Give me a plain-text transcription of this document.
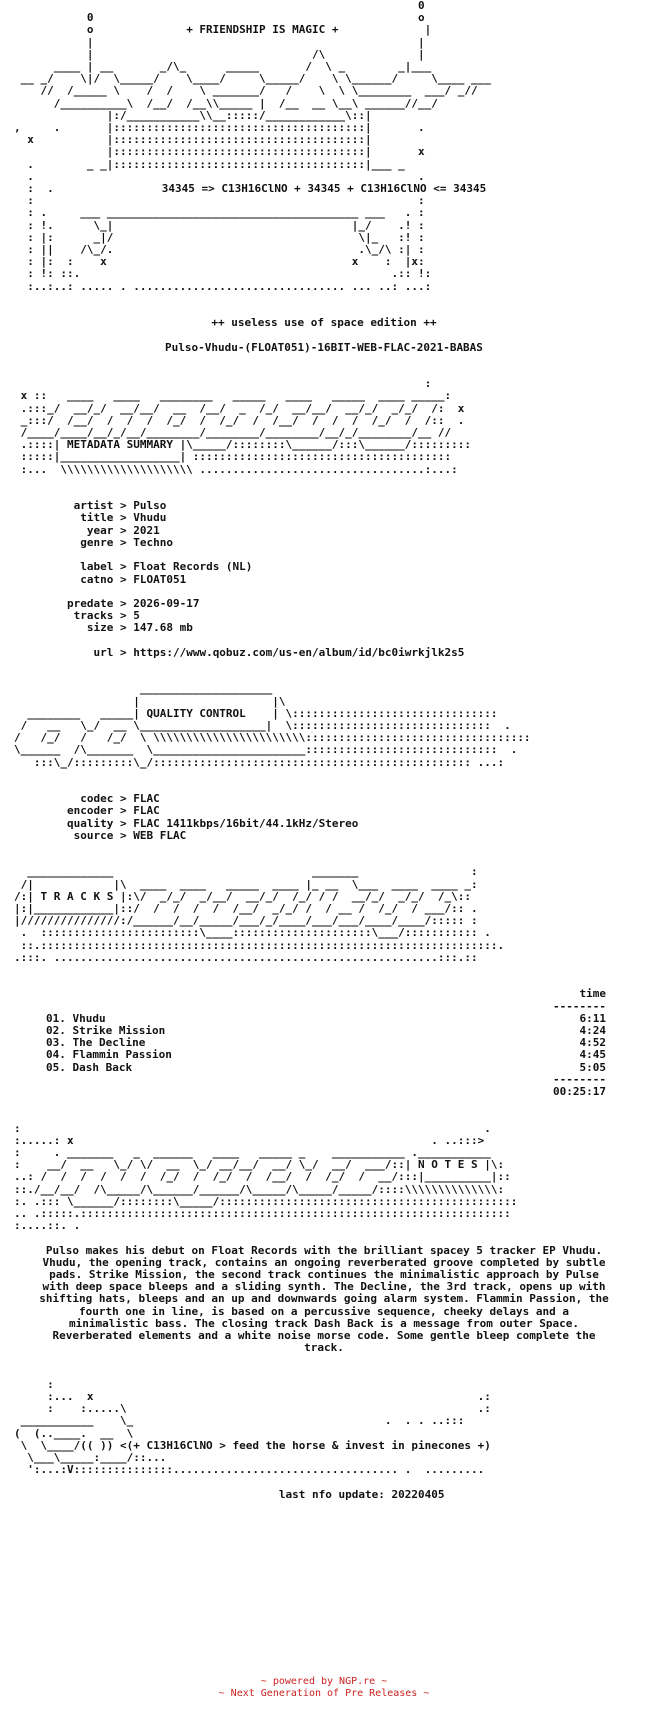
0
0                                                 o
o	+ FRIENDSHIP IS MAGIC +	|
|                                                 |
|                                 /\              |
____ | __       _/\_      _____       /  \ _        _|___
__ _/    \|/  \_____/    \____/     \_____/    \ \______/     \____ ___
//  /_____ \    /  /    \ _______/   /    \  \ \________  ___/ _//
/__________\  /__/  /__\\_____ |  /__  __ \__\ ______//__/
|:/___________\\__:::::/____________\::|
,     .       |::::::::::::::::::::::::::::::::::::::|       .
x           |::::::::::::::::::::::::::::::::::::::|
|::::::::::::::::::::::::::::::::::::::|       x
.        _ _|::::::::::::::::::::::::::::::::::::::|___ _
.                                                          .
:  .	34345 => C13H16ClNO + 34345 + C13H16ClNO <= 34345
:                                                          :
: .     ___ ______________________________________ ___   . :
: !.      \_|                                    |_/    .! :
: |:      _|/                                     \|_   :! :
: ||    /\_/.                                     .\_/\ :| :
: |:  :    x                                     x    :  |x:
: !: ::.                                               .:: !:
:..:..: ..... . ................................ ... ..: ...:
++ useless use of space edition ++
Pulso-Vhudu-(FLOAT051)-16BIT-WEB-FLAC-2021-BABAS
:
x ::   ____   ____   ________   _____   ____   _____  ____ _____:
.:::_/  __/_/  __/__/  __  /__/  _  /_/  __/__/  __/_/  _/_/  /:  x
_:::/  /__/  /  /  /  /_/  /  /_/  /  /__/  /  /  /  /_/  /  /::  .
/____/____/__/_/__/________/________/________/__/_/________/__ //
.::::| METADATA SUMMARY |\_____/::::::::\______/:::\______/:::::::::
:::::|__________________| :::::::::::::::::::::::::::::::::::::::
:...  \\\\\\\\\\\\\\\\\\\\ ..................................:...:
artist > Pulso
title > Vhudu
year > 2021
genre > Techno

label > Float Records (NL)
catno > FLOAT051

predate > 2026-09-17
tracks > 5
size > 147.68 mb

url > https://www.qobuz.com/us-en/album/id/bc0iwrkjlk2s5
____________________
|                    |\
________   _____| QUALITY CONTROL    | \:::::::::::::::::::::::::::::::
/   __   \_/  __ \___________________|  \::::::::::::::::::::::::::::::  .
/   /_/   /   /_/  \ \\\\\\\\\\\\\\\\\\\\\\\::::::::::::::::::::::::::::::::::
\______  /\_______  \_______________________:::::::::::::::::::::::::::::  .
:::\_/:::::::::\_/:::::::::::::::::::::::::::::::::::::::::::::::: ...:
codec > FLAC
encoder > FLAC
quality > FLAC 1411kbps/16bit/44.1kHz/Stereo
source > WEB FLAC
_____________                              _______                 :
/|            |\  ____  ____   _____  ____ |_ __  \___  ____  ____ _:
/:| T R A C K S |:\/  _/_/  _/__/  __/_/  /_/ / /  __/_/  _/_/  /_\::
|:|____________|::/  /  /  /  /  /__/  _/_/ /  / __ /  /_/  / ___/:: .
|///////////////:/______/__/_____/___/_/____/___/___/____/____/::::: :
.  ::::::::::::::::::::::::\____:::::::::::::::::::::\___/::::::::::: .
::.:::::::::::::::::::::::::::::::::::::::::::::::::::::::::::::::::::::.
.:::. ..........................................................:::.::
time
--------
01. Vhudu	6:11
02. Strike Mission	4:24
03. The Decline	4:52
04. Flammin Passion	4:45
05. Dash Back	5:05
--------
00:25:17
:                                                                      .
:.....: x                                                      . ..:::>
:     . _______   _  ______   ____   _____ _    ___________ .___________
:    __/  __   \_/ \/  __  \_/ __/__/  __/ \_/  __/  ___/::| N O T E S |\:
..: /  /  /  /  /  /  /_/  /  /_/  /  /__/  /  /_/  /  __/:::|__________|::
::./__/__/  /\_____/\______/______/\_____/\_____/_____/::::\\\\\\\\\\\\\\:
:. .::: \______/::::::::\_____/:::::::::::::::::::::::::::::::::::::::::::::
.. .:::::.:::::::::::::::::::::::::::::::::::::::::::::::::::::::::::::::::
:....::. .
Pulso makes his debut on Float Records with the brilliant spacey 5 tracker EP Vhudu. Vhudu, the opening track, contains an ongoing reverberated groove completed by subtle pads. Strike Mission, the second track continues the minimalistic approach by Pulse with deep space bleeps and a sliding synth. The Decline, the 3rd track, opens up with shifting hats, bleeps and an up and downwards going alarm system. Flammin Passion, the fourth one in line, is based on a percussive sequence, cheeky delays and a minimalistic bass. The closing track Dash Back is a message from outer Space.
Reverberated elements and a white noise morse code. Some gentle bleep complete the track.
:
:...  x                                                          .:
:    :.....\                                                     .:
___________    \_                                      .  . . ..:::
(  (..____.  __  \
\  \____/(( )) <(+ C13H16ClNO > feed the horse & invest in pinecones +)
\___\_____:____/::...
':...:V:::::::::::::::.................................. .  .........
last nfo update: 20220405
~ powered by NGP.re ~
~ Next Generation of Pre Releases ~
